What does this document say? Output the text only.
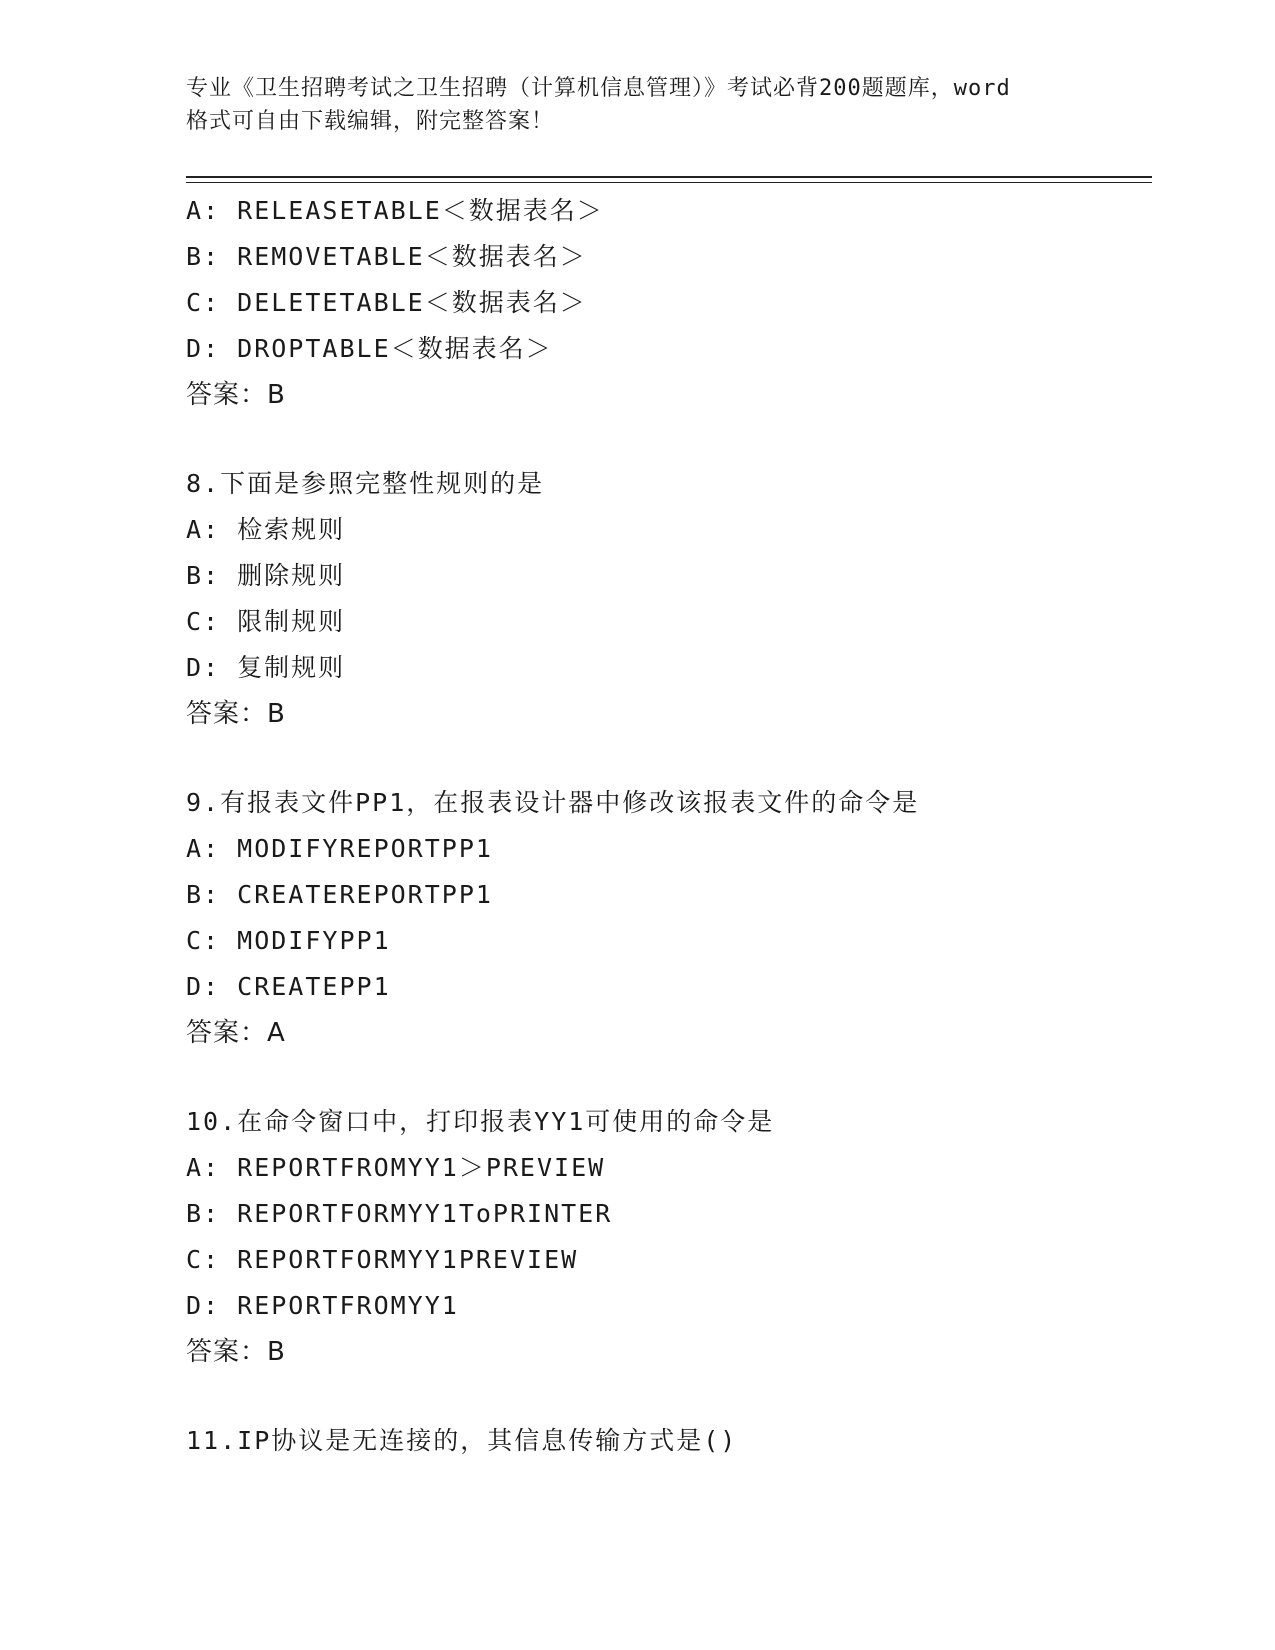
专业《卫生招聘考试之卫生招聘（计算机信息管理）》考试必背200题题库，word
格式可自由下载编辑，附完整答案！
A: RELEASETABLE＜数据表名＞
B: REMOVETABLE＜数据表名＞
C: DELETETABLE＜数据表名＞
D: DROPTABLE＜数据表名＞
答案：B
8.下面是参照完整性规则的是
A: 检索规则
B: 删除规则
C: 限制规则
D: 复制规则
答案：B
9.有报表文件PP1，在报表设计器中修改该报表文件的命令是
A: MODIFYREPORTPP1
B: CREATEREPORTPP1
C: MODIFYPP1
D: CREATEPP1
答案：A
10.在命令窗口中，打印报表YY1可使用的命令是
A: REPORTFROMYY1＞PREVIEW
B: REPORTFORMYY1ToPRINTER
C: REPORTFORMYY1PREVIEW
D: REPORTFROMYY1
答案：B
11.IP协议是无连接的，其信息传输方式是()
